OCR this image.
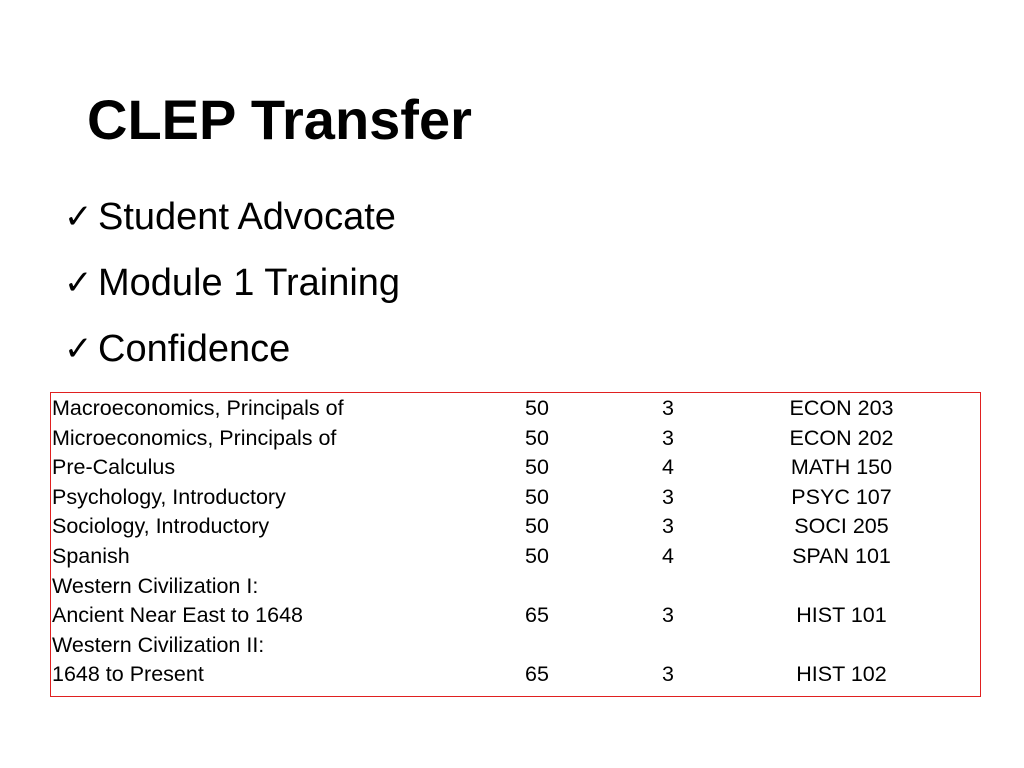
CLEP Transfer
✓ Student Advocate
✓ Module 1 Training
✓ Confidence
Macroeconomics, Principals of	50	3	ECON 203
Microeconomics, Principals of	50	3	ECON 202
Pre-Calculus	50	4	MATH 150
Psychology, Introductory	50	3	PSYC 107
Sociology, Introductory	50	3	SOCI 205
Spanish	50	4	SPAN 101
Western Civilization I:			
Ancient Near East to 1648	65	3	HIST 101
Western Civilization II:			
1648 to Present	65	3	HIST 102
